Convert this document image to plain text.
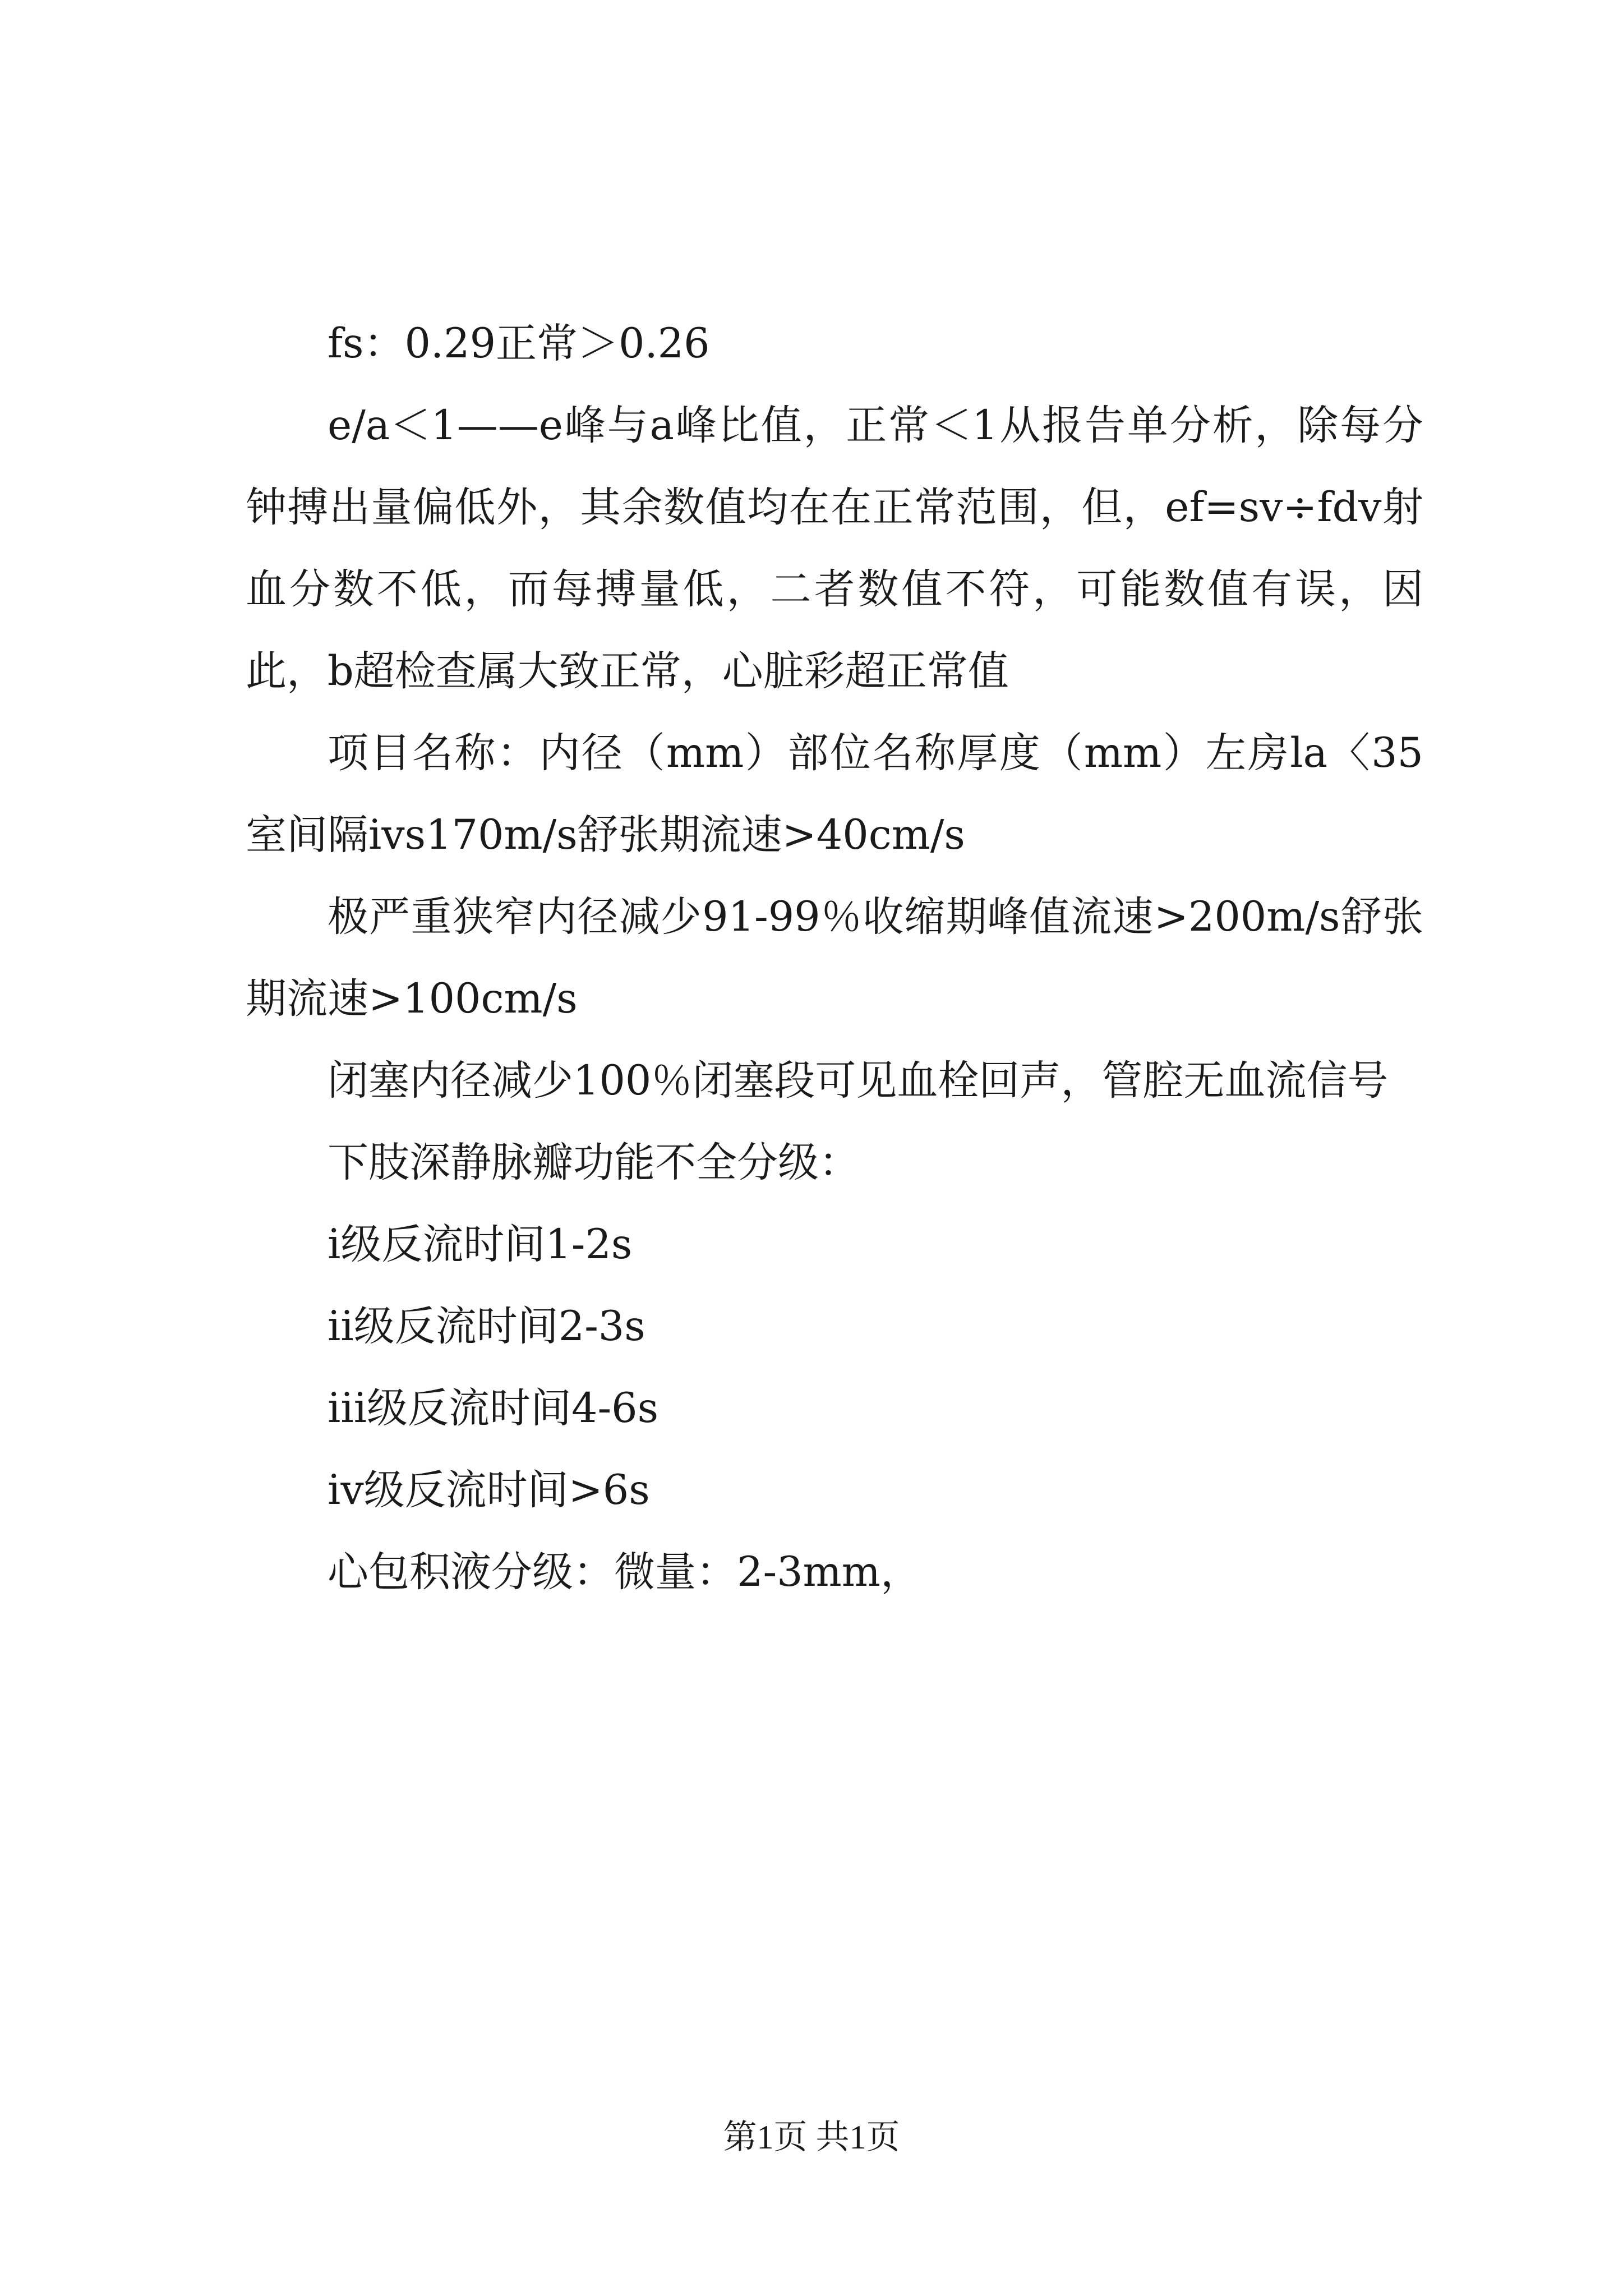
fs：0.29正常＞0.26

e/a＜1——e峰与a峰比值，正常＜1从报告单分析，除每分钟搏出量偏低外，其余数值均在在正常范围，但，ef=sv÷fdv射血分数不低，而每搏量低，二者数值不符，可能数值有误，因此，b超检查属大致正常，心脏彩超正常值

项目名称：内径（mm）部位名称厚度（mm）左房la〈35室间隔ivs170m/s舒张期流速>40cm/s

极严重狭窄内径减少91-99％收缩期峰值流速>200m/s舒张期流速>100cm/s

闭塞内径减少100％闭塞段可见血栓回声，管腔无血流信号

下肢深静脉瓣功能不全分级：

i级反流时间1-2s

ii级反流时间2-3s

iii级反流时间4-6s

iv级反流时间>6s

心包积液分级：微量：2-3mm，

第1页 共1页
